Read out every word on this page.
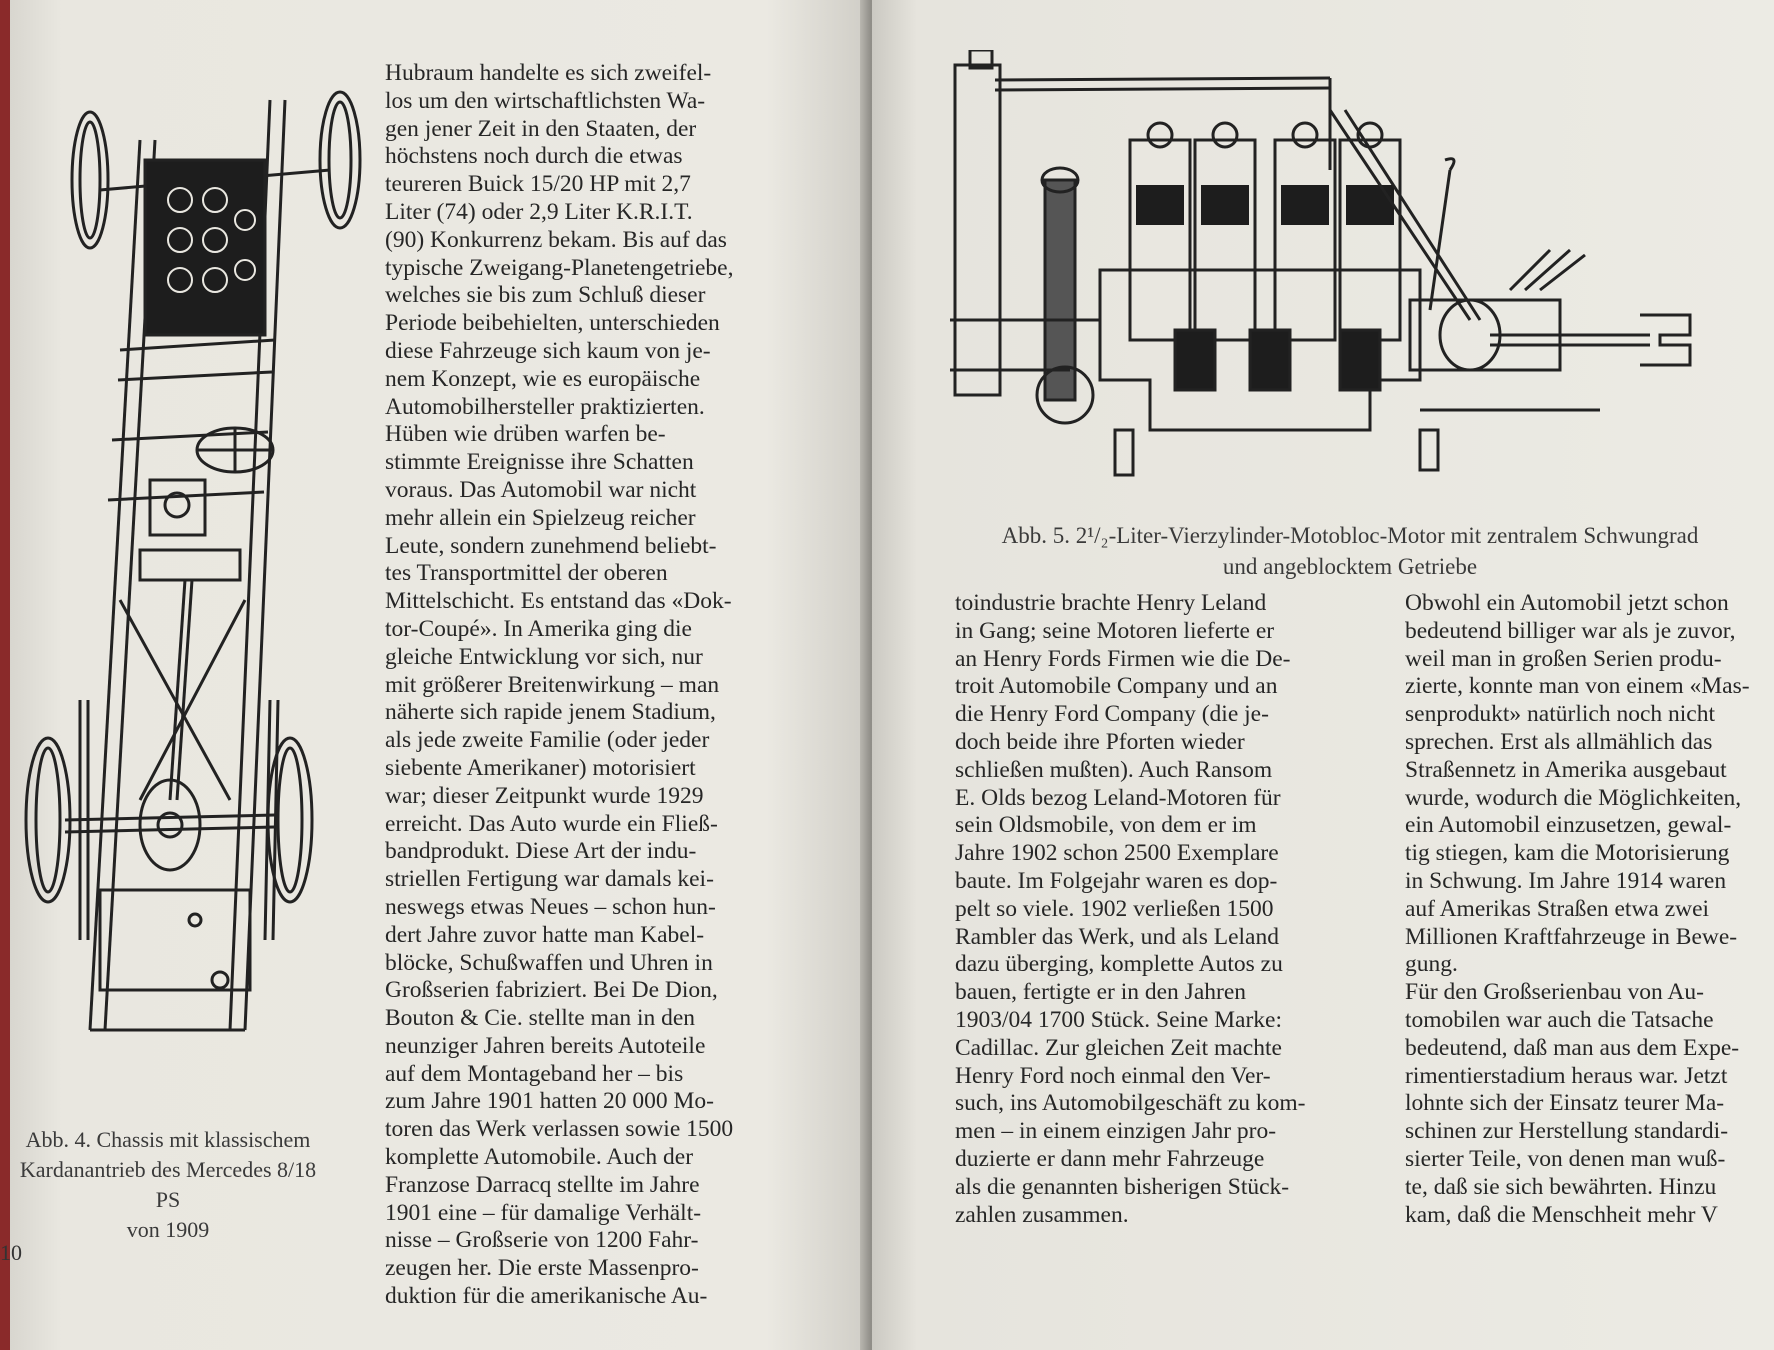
Abb. 4. Chassis mit klassischem
Kardanantrieb des Mercedes 8/18 PS
von 1909
10
Hubraum handelte es sich zweifel-
los um den wirtschaftlichsten Wa-
gen jener Zeit in den Staaten, der
höchstens noch durch die etwas
teureren Buick 15/20 HP mit 2,7
Liter (74) oder 2,9 Liter K.R.I.T.
(90) Konkurrenz bekam. Bis auf das
typische Zweigang-Planetengetriebe,
welches sie bis zum Schluß dieser
Periode beibehielten, unterschieden
diese Fahrzeuge sich kaum von je-
nem Konzept, wie es europäische
Automobilhersteller praktizierten.
Hüben wie drüben warfen be-
stimmte Ereignisse ihre Schatten
voraus. Das Automobil war nicht
mehr allein ein Spielzeug reicher
Leute, sondern zunehmend beliebt-
tes Transportmittel der oberen
Mittelschicht. Es entstand das «Dok-
tor-Coupé». In Amerika ging die
gleiche Entwicklung vor sich, nur
mit größerer Breitenwirkung – man
näherte sich rapide jenem Stadium,
als jede zweite Familie (oder jeder
siebente Amerikaner) motorisiert
war; dieser Zeitpunkt wurde 1929
erreicht. Das Auto wurde ein Fließ-
bandprodukt. Diese Art der indu-
striellen Fertigung war damals kei-
neswegs etwas Neues – schon hun-
dert Jahre zuvor hatte man Kabel-
blöcke, Schußwaffen und Uhren in
Großserien fabriziert. Bei De Dion,
Bouton & Cie. stellte man in den
neunziger Jahren bereits Autoteile
auf dem Montageband her – bis
zum Jahre 1901 hatten 20 000 Mo-
toren das Werk verlassen sowie 1500
komplette Automobile. Auch der
Franzose Darracq stellte im Jahre
1901 eine – für damalige Verhält-
nisse – Großserie von 1200 Fahr-
zeugen her. Die erste Massenpro-
duktion für die amerikanische Au-
Abb. 5. 2¹/₂-Liter-Vierzylinder-Motobloc-Motor mit zentralem Schwungrad
und angeblocktem Getriebe
toindustrie brachte Henry Leland
in Gang; seine Motoren lieferte er
an Henry Fords Firmen wie die De-
troit Automobile Company und an
die Henry Ford Company (die je-
doch beide ihre Pforten wieder
schließen mußten). Auch Ransom
E. Olds bezog Leland-Motoren für
sein Oldsmobile, von dem er im
Jahre 1902 schon 2500 Exemplare
baute. Im Folgejahr waren es dop-
pelt so viele. 1902 verließen 1500
Rambler das Werk, und als Leland
dazu überging, komplette Autos zu
bauen, fertigte er in den Jahren
1903/04 1700 Stück. Seine Marke:
Cadillac. Zur gleichen Zeit machte
Henry Ford noch einmal den Ver-
such, ins Automobilgeschäft zu kom-
men – in einem einzigen Jahr pro-
duzierte er dann mehr Fahrzeuge
als die genannten bisherigen Stück-
zahlen zusammen.
Obwohl ein Automobil jetzt schon
bedeutend billiger war als je zuvor,
weil man in großen Serien produ-
zierte, konnte man von einem «Mas-
senprodukt» natürlich noch nicht
sprechen. Erst als allmählich das
Straßennetz in Amerika ausgebaut
wurde, wodurch die Möglichkeiten,
ein Automobil einzusetzen, gewal-
tig stiegen, kam die Motorisierung
in Schwung. Im Jahre 1914 waren
auf Amerikas Straßen etwa zwei
Millionen Kraftfahrzeuge in Bewe-
gung.
Für den Großserienbau von Au-
tomobilen war auch die Tatsache
bedeutend, daß man aus dem Expe-
rimentierstadium heraus war. Jetzt
lohnte sich der Einsatz teurer Ma-
schinen zur Herstellung standardi-
sierter Teile, von denen man wuß-
te, daß sie sich bewährten. Hinzu
kam, daß die Menschheit mehr V
